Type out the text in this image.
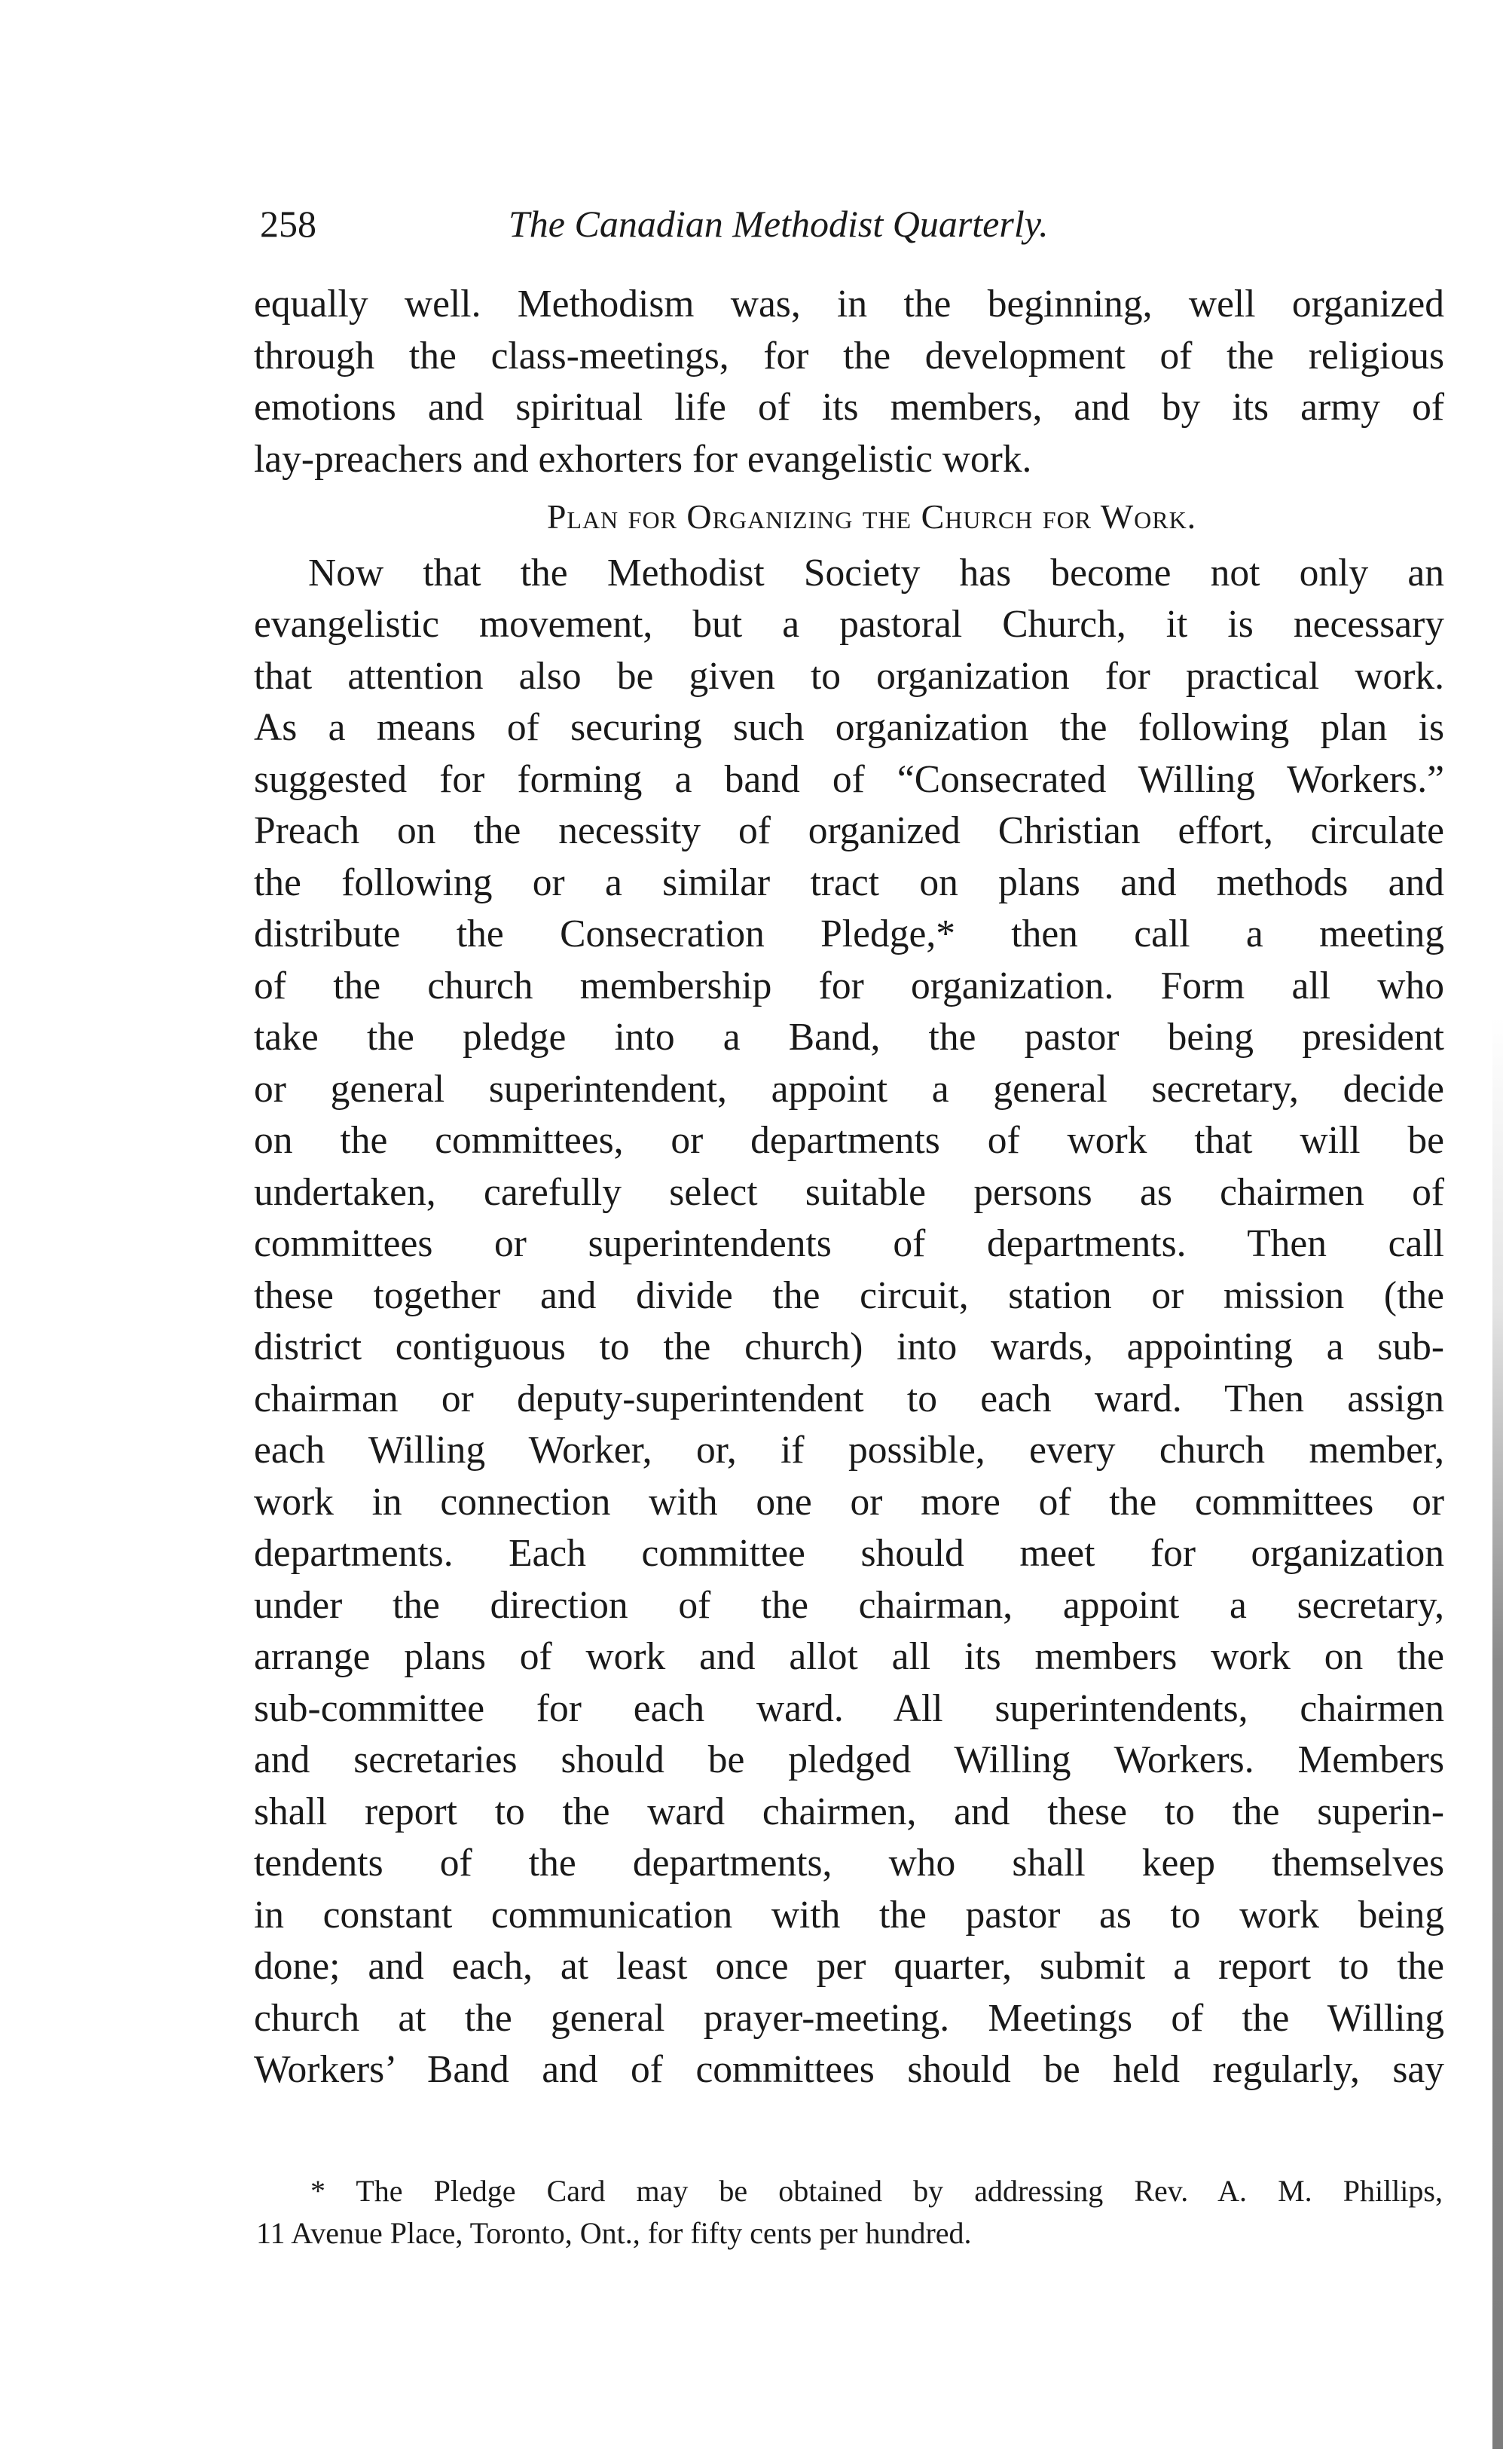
258	The Canadian Methodist Quarterly.
equally well. Methodism was, in the beginning, well organized
through the class-meetings, for the development of the religious
emotions and spiritual life of its members, and by its army of
lay-preachers and exhorters for evangelistic work.
Plan for Organizing the Church for Work.
Now that the Methodist Society has become not only an
evangelistic movement, but a pastoral Church, it is necessary
that attention also be given to organization for practical work.
As a means of securing such organization the following plan is
suggested for forming a band of “Consecrated Willing Workers.”
Preach on the necessity of organized Christian effort, circulate
the following or a similar tract on plans and methods and
distribute the Consecration Pledge,* then call a meeting
of the church membership for organization. Form all who
take the pledge into a Band, the pastor being president
or general superintendent, appoint a general secretary, decide
on the committees, or departments of work that will be
undertaken, carefully select suitable persons as chairmen of
committees or superintendents of departments. Then call
these together and divide the circuit, station or mission (the
district contiguous to the church) into wards, appointing a sub-
chairman or deputy-superintendent to each ward. Then assign
each Willing Worker, or, if possible, every church member,
work in connection with one or more of the committees or
departments. Each committee should meet for organization
under the direction of the chairman, appoint a secretary,
arrange plans of work and allot all its members work on the
sub-committee for each ward. All superintendents, chairmen
and secretaries should be pledged Willing Workers. Members
shall report to the ward chairmen, and these to the superin-
tendents of the departments, who shall keep themselves
in constant communication with the pastor as to work being
done; and each, at least once per quarter, submit a report to the
church at the general prayer-meeting. Meetings of the Willing
Workers’ Band and of committees should be held regularly, say
* The Pledge Card may be obtained by addressing Rev. A. M. Phillips,
11 Avenue Place, Toronto, Ont., for fifty cents per hundred.
